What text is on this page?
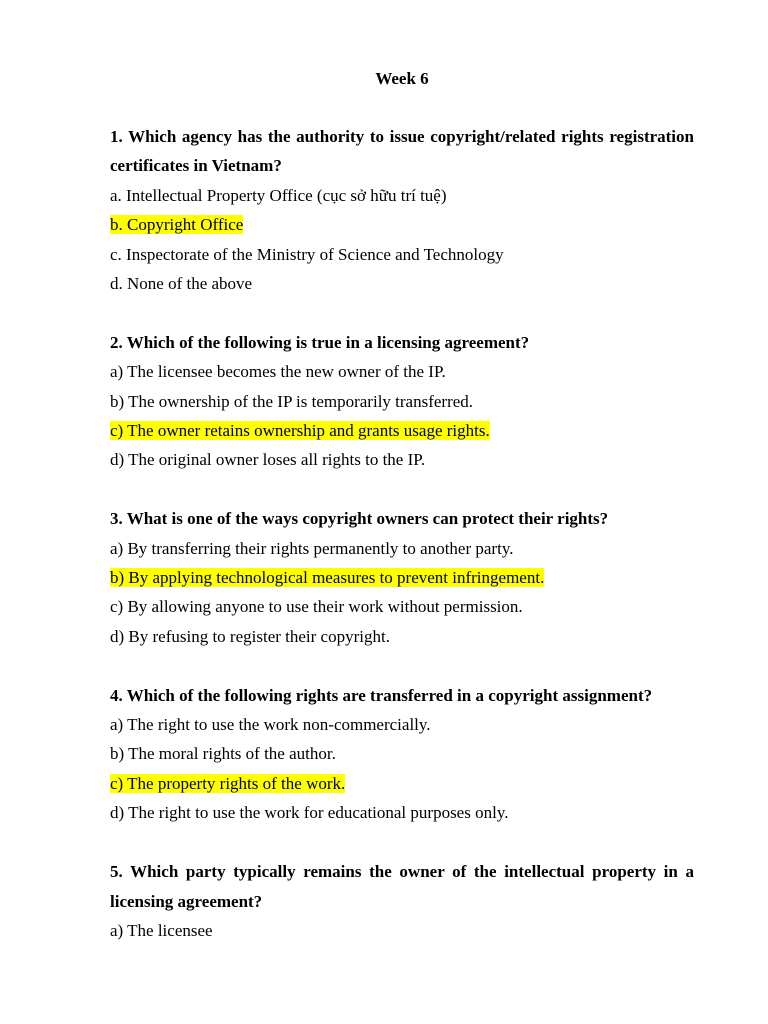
Week 6

1. Which agency has the authority to issue copyright/related rights registration certificates in Vietnam?

a. Intellectual Property Office (cục sở hữu trí tuệ)

b. Copyright Office

c. Inspectorate of the Ministry of Science and Technology

d. None of the above

2. Which of the following is true in a licensing agreement?

a) The licensee becomes the new owner of the IP.

b) The ownership of the IP is temporarily transferred.

c) The owner retains ownership and grants usage rights.

d) The original owner loses all rights to the IP.

3. What is one of the ways copyright owners can protect their rights?

a) By transferring their rights permanently to another party.

b) By applying technological measures to prevent infringement.

c) By allowing anyone to use their work without permission.

d) By refusing to register their copyright.

4. Which of the following rights are transferred in a copyright assignment?

a) The right to use the work non-commercially.

b) The moral rights of the author.

c) The property rights of the work.

d) The right to use the work for educational purposes only.

5. Which party typically remains the owner of the intellectual property in a licensing agreement?

a) The licensee
